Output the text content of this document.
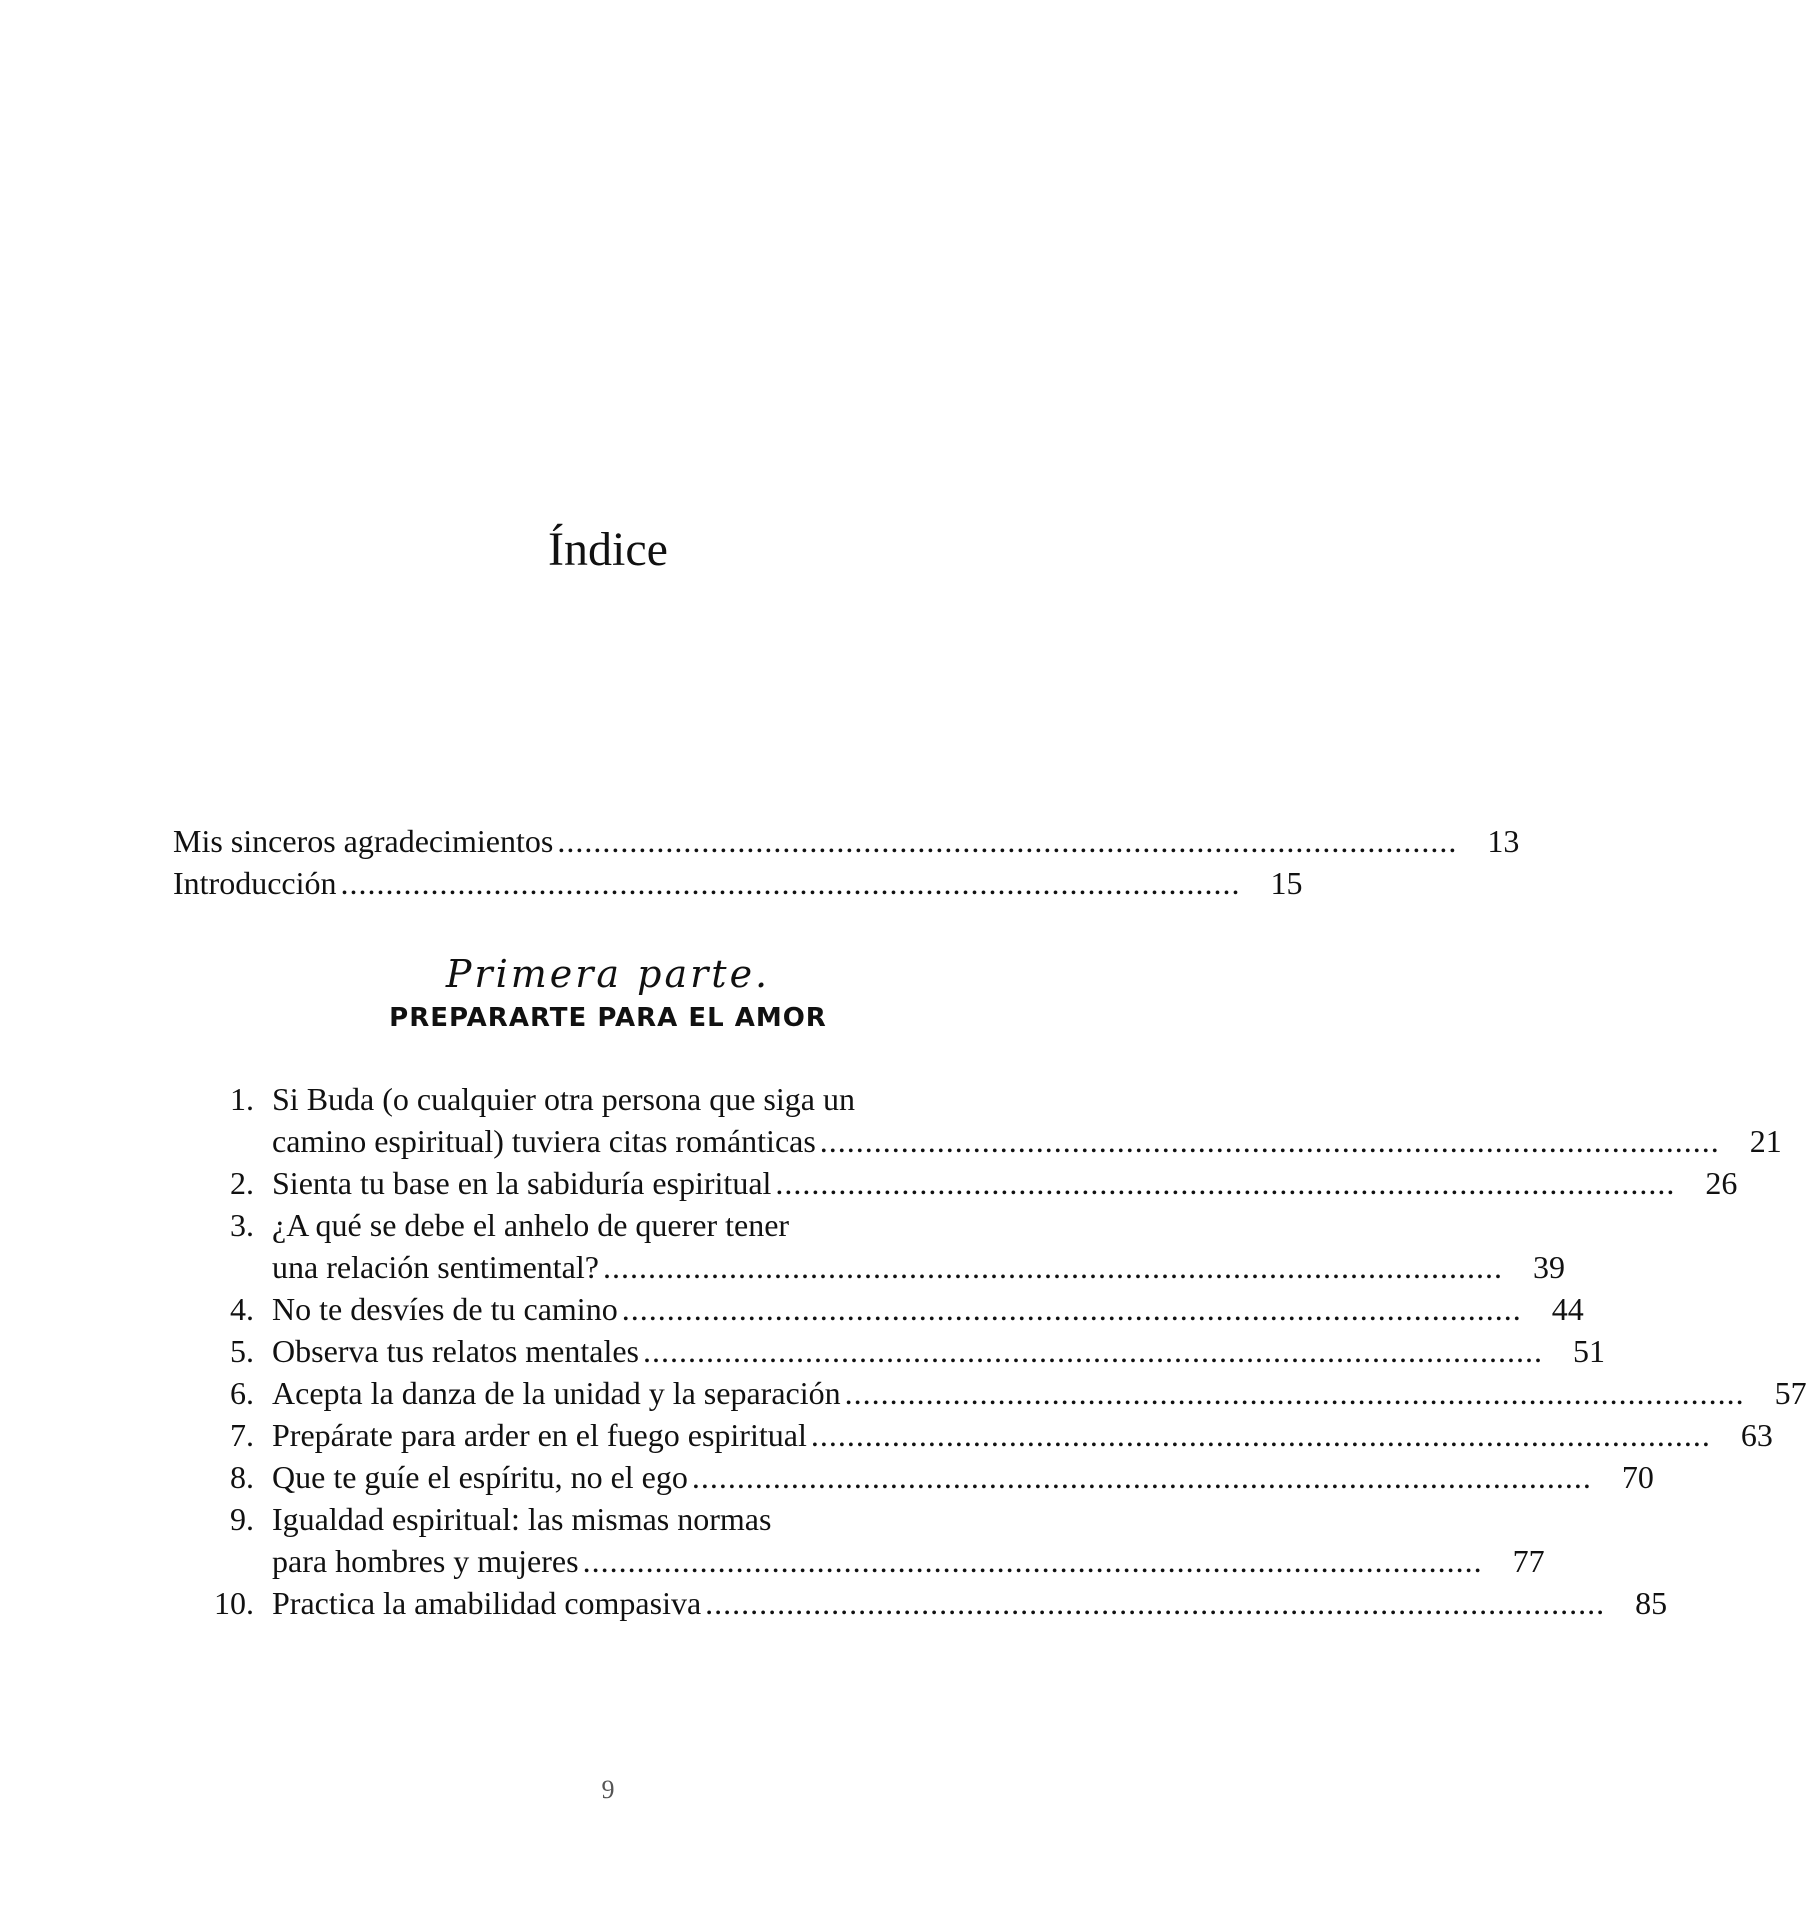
Índice
Mis sinceros agradecimientos .................................................................................................... 13
Introducción .................................................................................................... 15
Primera parte.
PREPARARTE PARA EL AMOR
1. Si Buda (o cualquier otra persona que siga un
camino espiritual) tuviera citas románticas .................................................................................................... 21
2. Sienta tu base en la sabiduría espiritual .................................................................................................... 26
3. ¿A qué se debe el anhelo de querer tener
una relación sentimental? .................................................................................................... 39
4. No te desvíes de tu camino .................................................................................................... 44
5. Observa tus relatos mentales .................................................................................................... 51
6. Acepta la danza de la unidad y la separación .................................................................................................... 57
7. Prepárate para arder en el fuego espiritual .................................................................................................... 63
8. Que te guíe el espíritu, no el ego .................................................................................................... 70
9. Igualdad espiritual: las mismas normas
para hombres y mujeres .................................................................................................... 77
10. Practica la amabilidad compasiva .................................................................................................... 85
9
